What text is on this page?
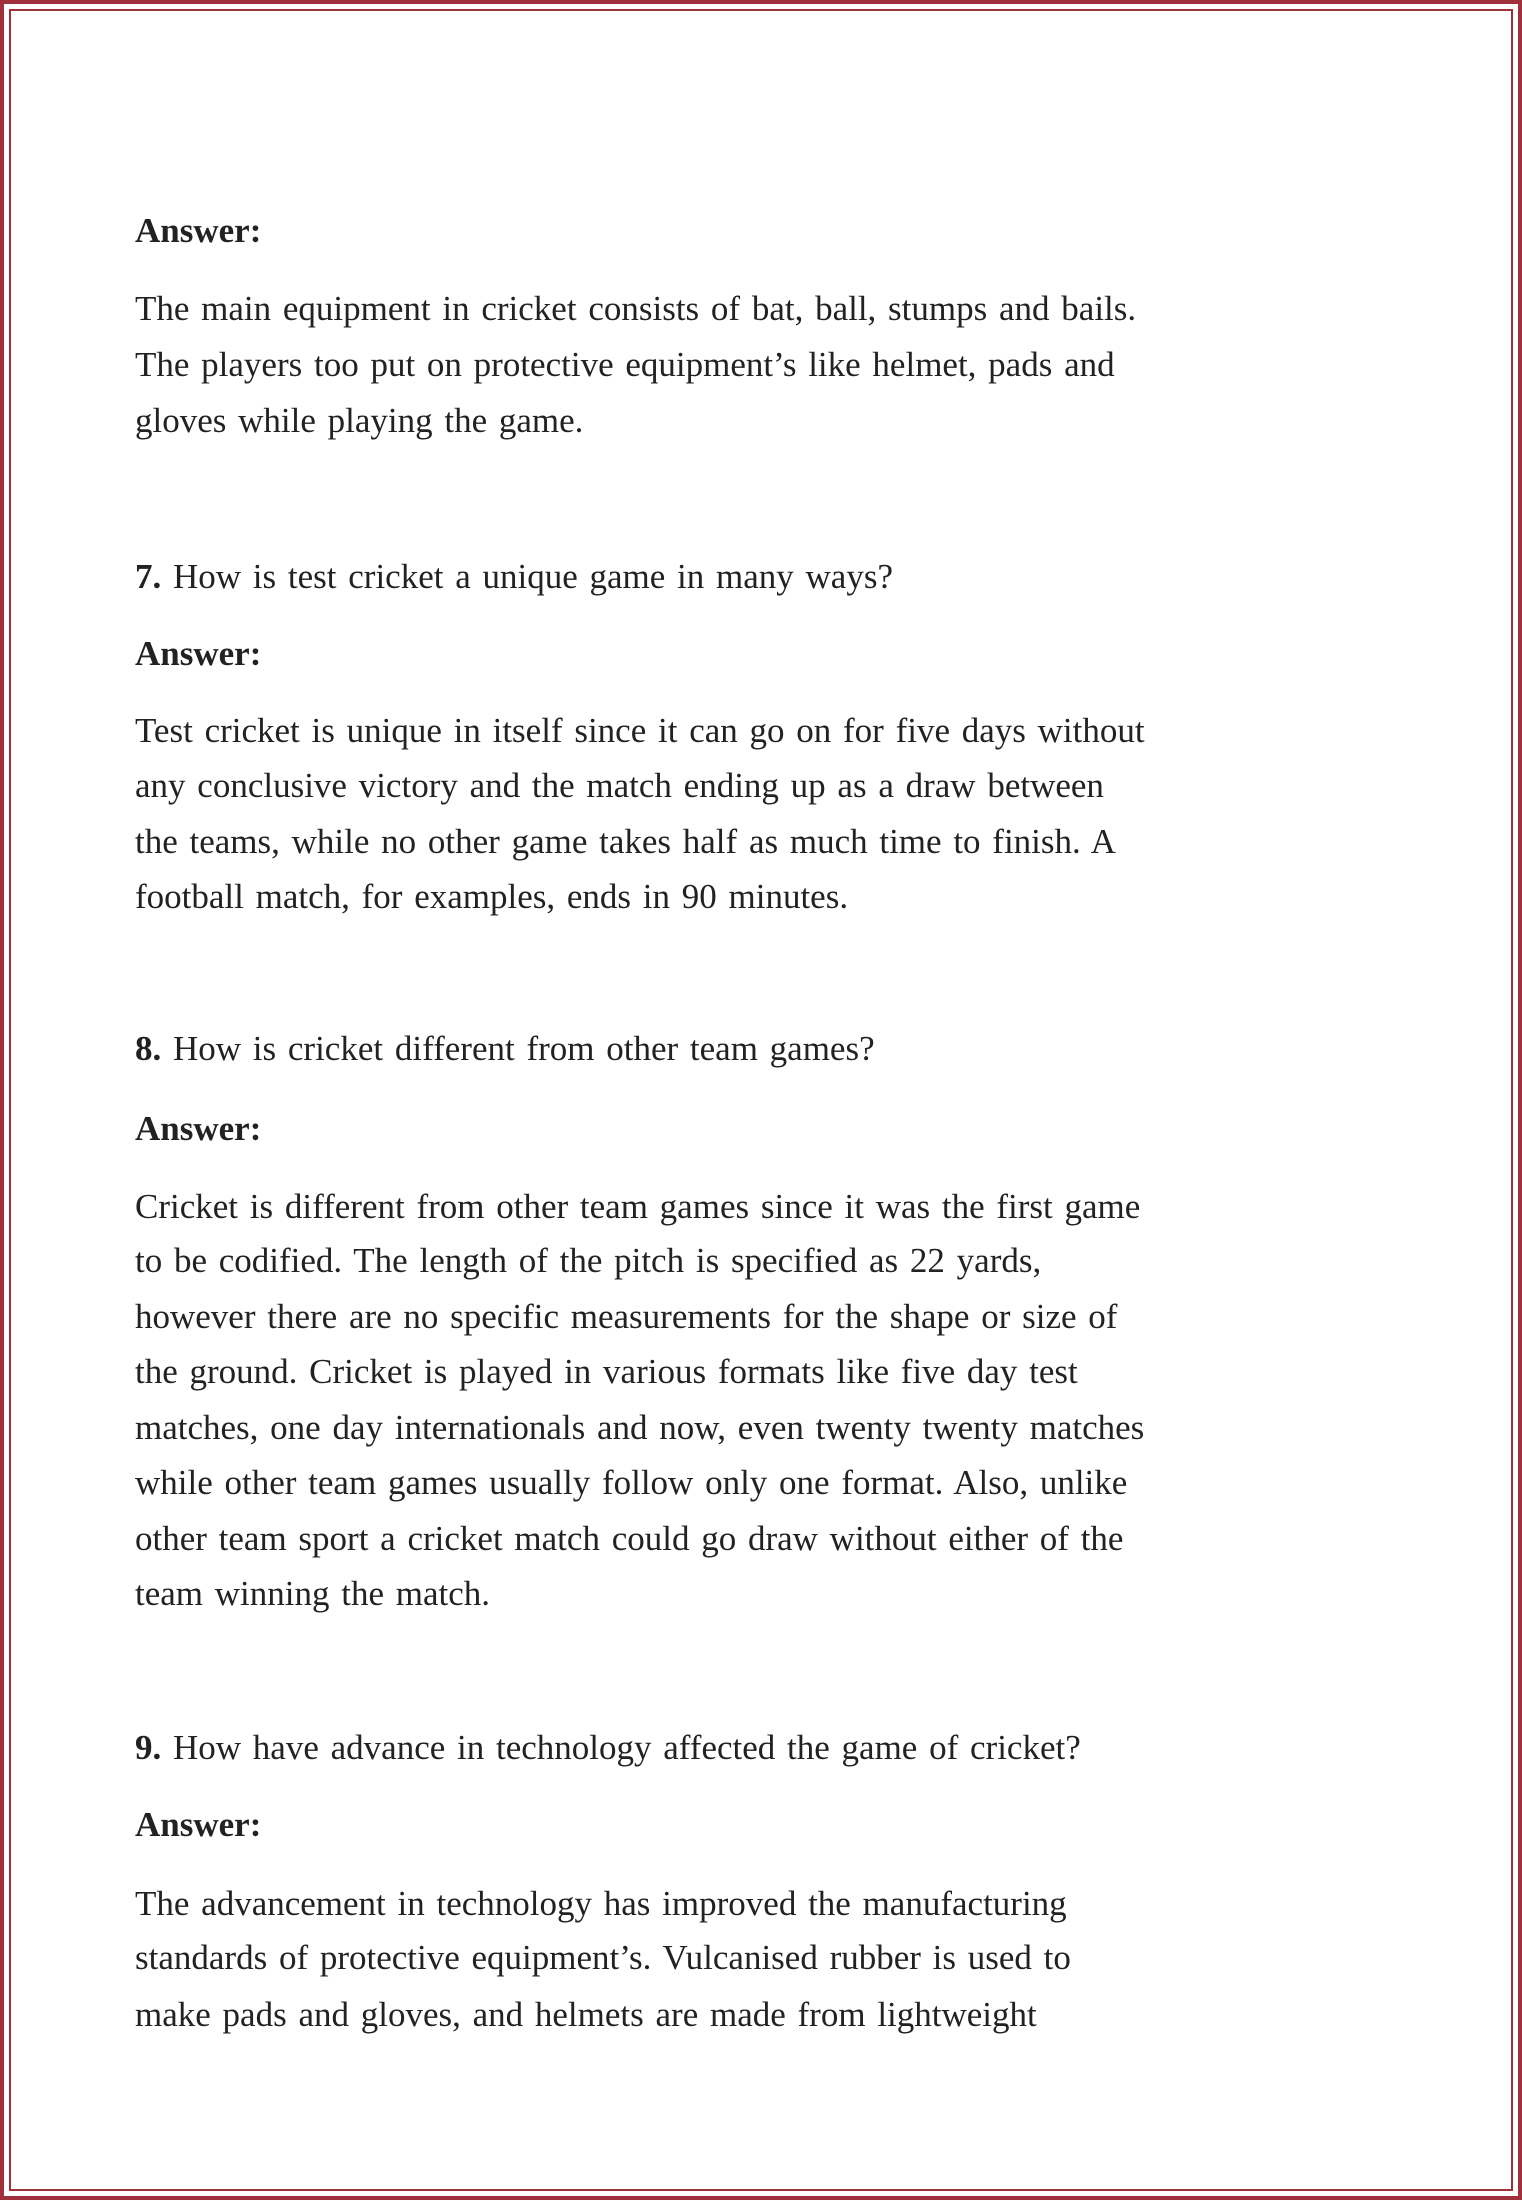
Answer:
The main equipment in cricket consists of bat, ball, stumps and bails.
The players too put on protective equipment’s like helmet, pads and
gloves while playing the game.
7. How is test cricket a unique game in many ways?
Answer:
Test cricket is unique in itself since it can go on for five days without
any conclusive victory and the match ending up as a draw between
the teams, while no other game takes half as much time to finish. A
football match, for examples, ends in 90 minutes.
8. How is cricket different from other team games?
Answer:
Cricket is different from other team games since it was the first game
to be codified. The length of the pitch is specified as 22 yards,
however there are no specific measurements for the shape or size of
the ground. Cricket is played in various formats like five day test
matches, one day internationals and now, even twenty twenty matches
while other team games usually follow only one format. Also, unlike
other team sport a cricket match could go draw without either of the
team winning the match.
9. How have advance in technology affected the game of cricket?
Answer:
The advancement in technology has improved the manufacturing
standards of protective equipment’s. Vulcanised rubber is used to
make pads and gloves, and helmets are made from lightweight
